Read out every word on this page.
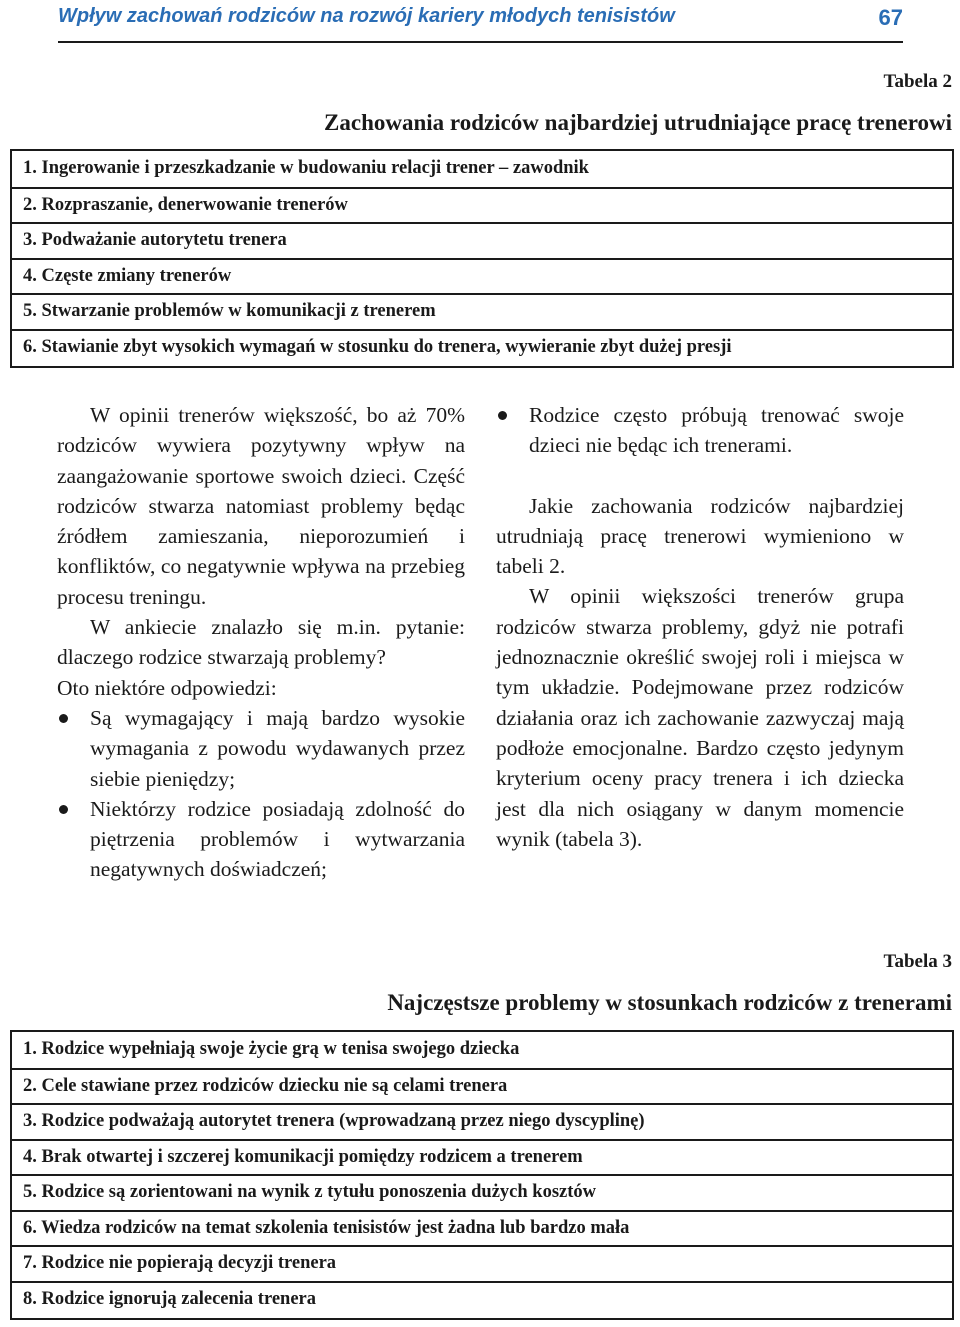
Wpływ zachowań rodziców na rozwój kariery młodych tenisistów	67
Tabela 2
Zachowania rodziców najbardziej utrudniające pracę trenerowi
1. Ingerowanie i przeszkadzanie w budowaniu relacji trener – zawodnik
2. Rozpraszanie, denerwowanie trenerów
3. Podważanie autorytetu trenera
4. Częste zmiany trenerów
5. Stwarzanie problemów w komunikacji z trenerem
6. Stawianie zbyt wysokich wymagań w stosunku do trenera, wywieranie zbyt dużej presji

W opinii trenerów większość, bo aż 70% rodziców wywiera pozytywny wpływ na zaangażowanie sportowe swoich dzieci. Część rodziców stwarza natomiast problemy będąc źródłem zamieszania, nieporozumień i konfliktów, co negatywnie wpływa na przebieg procesu treningu.

W ankiecie znalazło się m.in. pytanie: dlaczego rodzice stwarzają problemy?

Oto niektóre odpowiedzi:

Są wymagający i mają bardzo wysokie wymagania z powodu wydawanych przez siebie pieniędzy;

Niektórzy rodzice posiadają zdolność do piętrzenia problemów i wytwarzania negatywnych doświadczeń;

Rodzice często próbują trenować swoje dzieci nie będąc ich trenerami.

Jakie zachowania rodziców najbardziej utrudniają pracę trenerowi wymieniono w tabeli 2.

W opinii większości trenerów grupa rodziców stwarza problemy, gdyż nie potrafi jednoznacznie określić swojej roli i miejsca w tym układzie. Podejmowane przez rodziców działania oraz ich zachowanie zazwyczaj mają podłoże emocjonalne. Bardzo często jedynym kryterium oceny pracy trenera i ich dziecka jest dla nich osiągany w danym momencie wynik (tabela 3).

Tabela 3
Najczęstsze problemy w stosunkach rodziców z trenerami
1. Rodzice wypełniają swoje życie grą w tenisa swojego dziecka
2. Cele stawiane przez rodziców dziecku nie są celami trenera
3. Rodzice podważają autorytet trenera (wprowadzaną przez niego dyscyplinę)
4. Brak otwartej i szczerej komunikacji pomiędzy rodzicem a trenerem
5. Rodzice są zorientowani na wynik z tytułu ponoszenia dużych kosztów
6. Wiedza rodziców na temat szkolenia tenisistów jest żadna lub bardzo mała
7. Rodzice nie popierają decyzji trenera
8. Rodzice ignorują zalecenia trenera
